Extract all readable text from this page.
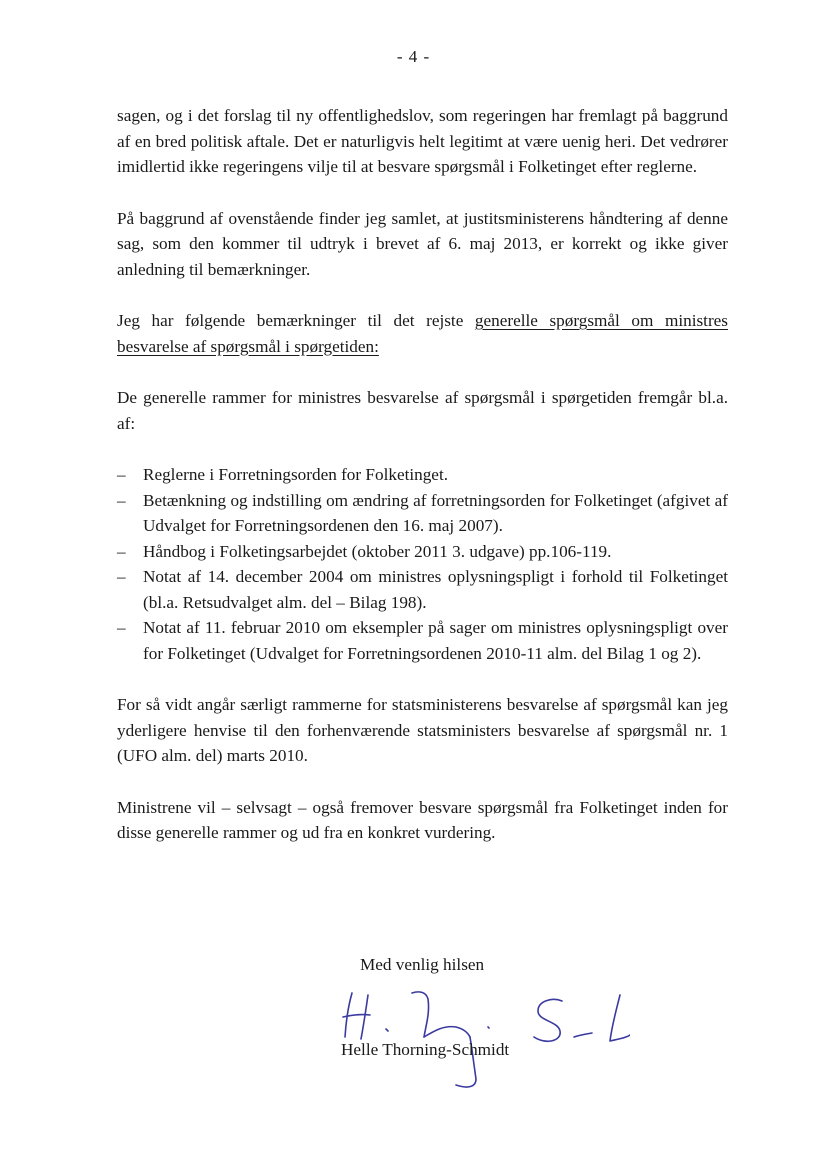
- 4 -

sagen, og i det forslag til ny offentlighedslov, som regeringen har fremlagt på baggrund af en bred politisk aftale. Det er naturligvis helt legitimt at være uenig heri. Det vedrører imidlertid ikke regeringens vilje til at besvare spørgsmål i Folketinget efter reglerne.

På baggrund af ovenstående finder jeg samlet, at justitsministerens håndtering af denne sag, som den kommer til udtryk i brevet af 6. maj 2013, er korrekt og ikke giver anledning til bemærkninger.

Jeg har følgende bemærkninger til det rejste generelle spørgsmål om ministres besvarelse af spørgsmål i spørgetiden:

De generelle rammer for ministres besvarelse af spørgsmål i spørgetiden fremgår bl.a. af:

– Reglerne i Forretningsorden for Folketinget.
– Betænkning og indstilling om ændring af forretningsorden for Folketinget (afgivet af Udvalget for Forretningsordenen den 16. maj 2007).
– Håndbog i Folketingsarbejdet (oktober 2011 3. udgave) pp.106-119.
– Notat af 14. december 2004 om ministres oplysningspligt i forhold til Folketinget (bl.a. Retsudvalget alm. del – Bilag 198).
– Notat af 11. februar 2010 om eksempler på sager om ministres oplysningspligt over for Folketinget (Udvalget for Forretningsordenen 2010-11 alm. del Bilag 1 og 2).

For så vidt angår særligt rammerne for statsministerens besvarelse af spørgsmål kan jeg yderligere henvise til den forhenværende statsministers besvarelse af spørgsmål nr. 1 (UFO alm. del) marts 2010.

Ministrene vil – selvsagt – også fremover besvare spørgsmål fra Folketinget inden for disse generelle rammer og ud fra en konkret vurdering.

Med venlig hilsen
Helle Thorning-Schmidt
